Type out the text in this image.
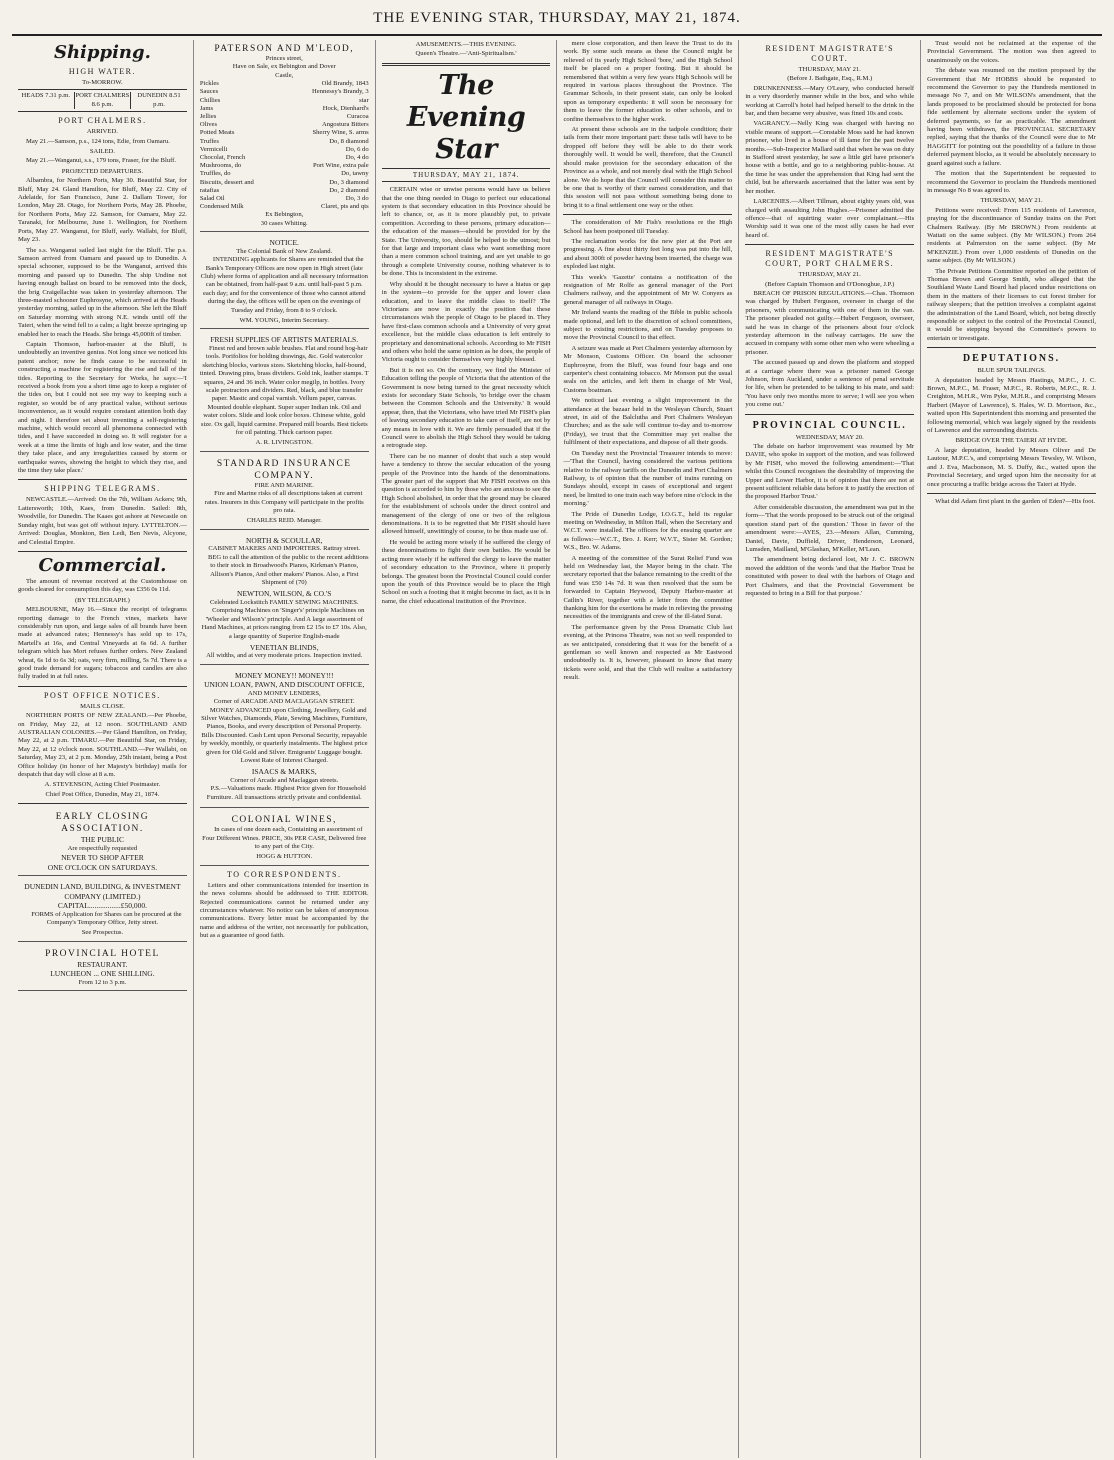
THE EVENING STAR, THURSDAY, MAY 21, 1874.
Shipping.
HIGH WATER.
To-MORROW.
HEADS 7.31 p.m. PORT CHALMERS 8.6 p.m.
DUNEDIN 8.51 p.m.
PORT CHALMERS.
ARRIVED.

May 21.—Samson, p.s., 124 tons, Edie, from Oamaru.

SAILED.

May 21.—Wanganui, s.s., 179 tons, Fraser, for the Bluff.

PROJECTED DEPARTURES.

Albambra, for Northern Ports, May 30. Beautiful Star, for Bluff, May 24. Gland Hamilton, for Bluff, May 22. City of Adelaide, for San Francisco, June 2. Dallam Tower, for London, May 28. Otago, for Northern Ports, May 28. Phoebe, for Northern Ports, May 22. Samson, for Oamaru, May 22. Taranaki, for Melbourne, June 1. Wellington, for Northern Ports, May 27. Wanganui, for Bluff, early. Wallabi, for Bluff, May 23.

The s.s. Wanganui sailed last night for the Bluff. The p.s. Samson arrived from Oamaru and passed up to Dunedin. A special schooner, supposed to be the Wanganui, arrived this morning and passed up to Dunedin. The ship Undine not having enough ballast on board to be removed into the dock, the brig Craigellachie was taken in yesterday afternoon. The three-masted schooner Euphrosyne, which arrived at the Heads yesterday morning, sailed up in the afternoon. She left the Bluff on Saturday morning with strong N.E. winds until off the Taieri, when the wind fell to a calm; a light breeze springing up enabled her to reach the Heads. She brings 45,000ft of timber.

Captain Thomson, harbor-master at the Bluff, is undoubtedly an inventive genius. Not long since we noticed his patent anchor; now he finds cause to be successful in constructing a machine for registering the rise and fall of the tides. Reporting to the Secretary for Works, he says:—'I received a book from you a short time ago to keep a register of the tides on, but I could not see my way to keeping such a register, so would be of any practical value, without serious inconvenience, as it would require constant attention both day and night. I therefore set about inventing a self-registering machine, which would record all phenomena connected with tides, and I have succeeded in doing so. It will register for a week at a time the limits of high and low water, and the time they take place, and any irregularities caused by storm or earthquake waves, showing the height to which they rise, and the time they take place.'

SHIPPING TELEGRAMS.

NEWCASTLE.—Arrived: On the 7th, William Ackers; 9th, Lattersworth; 10th, Kaes, from Dunedin. Sailed: 8th, Woodville, for Dunedin. The Kaaes got ashore at Newcastle on Sunday night, but was got off without injury. LYTTELTON.—Arrived: Douglas, Monkton, Ben Ledi, Ben Nevis, Alcyone, and Celestial Empire.

Commercial.

The amount of revenue received at the Customhouse on goods cleared for consumption this day, was £356 0s 11d.

(BY TELEGRAPH.)

MELBOURNE, May 16.—Since the receipt of telegrams reporting damage to the French vines, markets have considerably run upon, and large sales of all brands have been made at advanced rates; Hennessy's has sold up to 17s, Martell's at 16s, and Central Vineyards at 6s 6d. A further telegram which has Mort refuses further orders. New Zealand wheat, 6s 1d to 6s 3d; oats, very firm, milling, 5s 7d. There is a good trade demand for sugars; tobaccos and candles are also fully traded in at full rates.

POST OFFICE NOTICES.
MAILS CLOSE.

NORTHERN PORTS OF NEW ZEALAND.—Per Phoebe, on Friday, May 22, at 12 noon. SOUTHLAND AND AUSTRALIAN COLONIES.—Per Gland Hamilton, on Friday, May 22, at 2 p.m. TIMARU.—Per Beautiful Star, on Friday, May 22, at 12 o'clock noon. SOUTHLAND.—Per Wallabi, on Saturday, May 23, at 2 p.m. Monday, 25th instant, being a Post Office holiday (in honor of her Majesty's birthday) mails for despatch that day will close at 8 a.m.

A. STEVENSON, Acting Chief Postmaster.
Chief Post Office, Dunedin, May 21, 1874.
EARLY CLOSING ASSOCIATION.
THE PUBLIC
Are respectfully requested
NEVER TO SHOP AFTER
ONE O'CLOCK ON SATURDAYS.
DUNEDIN LAND, BUILDING, & INVESTMENT COMPANY (LIMITED.)
CAPITAL.................£50,000.

FORMS of Application for Shares can be procured at the Company's Temporary Office, Jetty street.

See Prospectus.
PROVINCIAL HOTEL
RESTAURANT.
LUNCHEON ... ONE SHILLING.
From 12 to 3 p.m.
PATERSON AND M'LEOD,
Princes street,
Have on Sale, ex Bebington and Dover
Castle,
Pickles	Old Brandy, 1843
Sauces	Hennessy's Brandy, 3
Chillies	star
Jams	Hock, Dienhard's
Jellies	Curacoa
Olives	Angostura Bitters
Potted Meats	Sherry Wine, S. arms
Truffes	Do, 8 diamond
Vermicelli	Do, 6 do
Chocolat, French	Do, 4 do
Mushrooms, do	Port Wine, extra pale
Truffles, do	Do, tawny
Biscuits, dessert and	Do, 3 diamond
ratafias	Do, 2 diamond
Salad Oil	Do, 3 do
Condensed Milk	Claret, pts and qts
Ex Bebington,
30 cases Whiting.
NOTICE.
The Colonial Bank of New Zealand.

INTENDING applicants for Shares are reminded that the Bank's Temporary Offices are now open in High street (late Club) where forms of application and all necessary information can be obtained, from half-past 9 a.m. until half-past 5 p.m. each day; and for the convenience of those who cannot attend during the day, the offices will be open on the evenings of Tuesday and Friday, from 8 to 9 o'clock.

WM. YOUNG, Interim Secretary.
FRESH SUPPLIES OF ARTISTS MATERIALS.

Finest red and brown sable brushes. Flat and round hog-hair tools. Porifolios for holding drawings, &c. Gold watercolor sketching blocks, various sizes. Sketching blocks, half-bound, tinted. Drawing pins, brass dividers. Gold ink, leather stamps. T squares, 24 and 36 inch. Water color megilp, in bottles. Ivory scale protractors and dividers. Red, black, and blue transfer paper. Mastic and copal varnish. Vellum paper, canvas. Mounted double elephant. Super super Indian ink. Oil and water colors. Slide and look color boxes. Chinese white, gold size. Ox gall, liquid carmine. Prepared mill boards. Best tickets for oil painting. Thick cartoon paper.

A. R. LIVINGSTON.
STANDARD INSURANCE COMPANY.
FIRE AND MARINE.

Fire and Marine risks of all descriptions taken at current rates. Insurers in this Company will participate in the profits pro rata.

CHARLES REID. Manager.
NORTH & SCOULLAR,
CABINET MAKERS AND IMPORTERS. Rattray street.

BEG to call the attention of the public to the recent additions to their stock in Broadwood's Pianos, Kirkman's Pianos, Allison's Pianos, And other makers' Pianos. Also, a First Shipment of (70)

NEWTON, WILSON, & CO.'S
Celebrated Lockstitch FAMILY SEWING MACHINES.

Comprising Machines on 'Singer's' principle Machines on 'Wheeler and Wilson's' principle. And A large assortment of Hand Machines, at prices ranging from £2 15s to £7 10s. Also, a large quantity of Superior English-made

VENETIAN BLINDS,
All widths, and at very moderate prices. Inspection invited.
MONEY MONEY!! MONEY!!!
UNION LOAN, PAWN, AND DISCOUNT OFFICE,
AND MONEY LENDERS,
Corner of ARCADE AND MACLAGGAN STREET.

MONEY ADVANCED upon Clothing, Jewellery, Gold and Silver Watches, Diamonds, Plate, Sewing Machines, Furniture, Pianos, Books, and every description of Personal Property. Bills Discounted. Cash Lent upon Personal Security, repayable by weekly, monthly, or quarterly instalments. The highest price given for Old Gold and Silver. Emigrants' Luggage bought. Lowest Rate of Interest Charged.

ISAACS & MARKS,
Corner of Arcade and Maclaggan streets.

P.S.—Valuations made. Highest Price given for Household Furniture. All transactions strictly private and confidential.

COLONIAL WINES,

In cases of one dozen each, Containing an assortment of Four Different Wines. PRICE, 30s PER CASE, Delivered free to any part of the City.

HOGG & HUTTON.
TO CORRESPONDENTS.

Letters and other communications intended for insertion in the news columns should be addressed to THE EDITOR. Rejected communications cannot be returned under any circumstances whatever. No notice can be taken of anonymous communications. Every letter must be accompanied by the name and address of the writer, not necessarily for publication, but as a guarantee of good faith.

AMUSEMENTS.—THIS EVENING.
Queen's Theatre.—'Anti-Spiritualism.'
The Evening Star
THURSDAY, MAY 21, 1874.

CERTAIN wise or unwise persons would have us believe that the one thing needed in Otago to perfect our educational system is that secondary education in this Province should be left to chance, or, as it is more plausibly put, to private competition. According to these persons, primary education—the education of the masses—should be provided for by the State. The University, too, should be helped to the utmost; but for that large and important class who want something more than a mere common school training, and are yet unable to go through a complete University course, nothing whatever is to be done. This is inconsistent in the extreme.

Why should it be thought necessary to have a hiatus or gap in the system—to provide for the upper and lower class education, and to leave the middle class to itself? The Victorians are now in exactly the position that these circumstances wish the people of Otago to be placed in. They have first-class common schools and a University of very great excellence, but the middle class education is left entirely to proprietary and denominational schools. According to Mr FISH and others who hold the same opinion as he does, the people of Victoria ought to consider themselves very highly blessed.

But it is not so. On the contrary, we find the Minister of Education telling the people of Victoria that the attention of the Government is now being turned to the great necessity which exists for secondary State Schools, 'to bridge over the chasm between the Common Schools and the University.' It would appear, then, that the Victorians, who have tried Mr FISH's plan of leaving secondary education to take care of itself, are not by any means in love with it. We are firmly persuaded that if the Council were to abolish the High School they would be taking a retrograde step.

There can be no manner of doubt that such a step would have a tendency to throw the secular education of the young people of the Province into the hands of the denominations. The greater part of the support that Mr FISH receives on this question is accorded to him by those who are anxious to see the High School abolished, in order that the ground may be cleared for the establishment of schools under the direct control and management of the clergy of one or two of the religious denominations. It is to be regretted that Mr FISH should have allowed himself, unwittingly of course, to be thus made use of.

He would be acting more wisely if he suffered the clergy of these denominations to fight their own battles. He would be acting more wisely if he suffered the clergy to leave the matter of secondary education to the Province, where it properly belongs. The greatest boon the Provincial Council could confer upon the youth of this Province would be to place the High School on such a footing that it might become in fact, as it is in name, the chief educational institution of the Province.

mere close corporation, and then leave the Trust to do its work. By some such means as these the Council might be relieved of its yearly High School 'bore,' and the High School itself be placed on a proper footing. But it should be remembered that within a very few years High Schools will be required in various places throughout the Province. The Grammar Schools, in their present state, can only be looked upon as temporary expedients: it will soon be necessary for them to leave the former education to other schools, and to confine themselves to the higher work.

At present these schools are in the tadpole condition; their tails form their more important part: these tails will have to be dropped off before they will be able to do their work thoroughly well. It would be well, therefore, that the Council should make provision for the secondary education of the Province as a whole, and not merely deal with the High School alone. We do hope that the Council will consider this matter to be one that is worthy of their earnest consideration, and that this session will not pass without something being done to bring it to a final settlement one way or the other.

The consideration of Mr Fish's resolutions re the High School has been postponed till Tuesday.

The reclamation works for the new pier at the Port are progressing. A fine about thirty feet long was put into the hill, and about 300ft of powder having been inserted, the charge was exploded last night.

This week's 'Gazette' contains a notification of the resignation of Mr Rolfe as general manager of the Port Chalmers railway, and the appointment of Mr W. Conyers as general manager of all railways in Otago.

Mr Ireland wants the reading of the Bible in public schools made optional, and left to the discretion of school committees, subject to existing restrictions, and on Tuesday proposes to move the Provincial Council to that effect.

A seizure was made at Port Chalmers yesterday afternoon by Mr Monson, Customs Officer. On board the schooner Euphrosyne, from the Bluff, was found four bags and one carpenter's chest containing tobacco. Mr Monson put the usual seals on the articles, and left them in charge of Mr Veal, Customs boatman.

We noticed last evening a slight improvement in the attendance at the bazaar held in the Wesleyan Church, Stuart street, in aid of the Balclutha and Port Chalmers Wesleyan Churches; and as the sale will continue to-day and to-morrow (Friday), we trust that the Committee may yet realise the fulfilment of their expectations, and dispose of all their goods.

On Tuesday next the Provincial Treasurer intends to move:—'That the Council, having considered the various petitions relative to the railway tariffs on the Dunedin and Port Chalmers Railway, is of opinion that the number of trains running on Sundays should, except in cases of exceptional and urgent need, be limited to one train each way before nine o'clock in the morning.'

The Pride of Dunedin Lodge, I.O.G.T., held its regular meeting on Wednesday, in Milton Hall, when the Secretary and W.C.T. were installed. The officers for the ensuing quarter are as follows:—W.C.T., Bro. J. Kerr; W.V.T., Sister M. Gordon; W.S., Bro. W. Adams.

A meeting of the committee of the Surat Relief Fund was held on Wednesday last, the Mayor being in the chair. The secretary reported that the balance remaining to the credit of the fund was £50 14s 7d. It was then resolved that the sum be forwarded to Captain Heywood, Deputy Harbor-master at Catlin's River, together with a letter from the committee thanking him for the exertions he made in relieving the pressing necessities of the immigrants and crew of the ill-fated Surat.

The performance given by the Press Dramatic Club last evening, at the Princess Theatre, was not so well responded to as we anticipated, considering that it was for the benefit of a gentleman so well known and respected as Mr Eastwood undoubtedly is. It is, however, pleasant to know that many tickets were sold, and that the Club will realise a satisfactory result.

RESIDENT MAGISTRATE'S COURT.
THURSDAY, MAY 21.
(Before J. Bathgate, Esq., R.M.)

DRUNKENNESS.—Mary O'Leary, who conducted herself in a very disorderly manner while in the box, and who while working at Carroll's hotel had helped herself to the drink in the bar, and then became very abusive, was fined 10s and costs.

VAGRANCY.—Nelly King was charged with having no visible means of support.—Constable Moss said he had known prisoner, who lived in a house of ill fame for the past twelve months.—Sub-Inspector Mallard said that when he was on duty in Stafford street yesterday, he saw a little girl have prisoner's house with a bottle, and go to a neighboring public-house. At the time he was under the apprehension that King had sent the child, but he afterwards ascertained that the latter was sent by her mother.

LARCENIES.—Albert Tillman, about eighty years old, was charged with assaulting John Hughes.—Prisoner admitted the offence—that of squirting water over complainant.—His Worship said it was one of the most silly cases he had ever heard of.

RESIDENT MAGISTRATE'S COURT, PORT CHALMERS.
THURSDAY, MAY 21.
(Before Captain Thomson and O'Donoghue, J.P.)

BREACH OF PRISON REGULATIONS.—Chas. Thomson was charged by Hubert Ferguson, overseer in charge of the prisoners, with communicating with one of them in the van. The prisoner pleaded not guilty.—Hubert Ferguson, overseer, said he was in charge of the prisoners about four o'clock yesterday afternoon in the railway carriages. He saw the accused in company with some other men who were wheeling a prisoner.

The accused passed up and down the platform and stopped at a carriage where there was a prisoner named George Johnson, from Auckland, under a sentence of penal servitude for life, when he pretended to be talking to his mate, and said: 'You have only two months more to serve; I will see you when you come out.'

PROVINCIAL COUNCIL.
WEDNESDAY, MAY 20.

The debate on harbor improvement was resumed by Mr DAVIE, who spoke in support of the motion, and was followed by Mr FISH, who moved the following amendment:—'That whilst this Council recognises the desirability of improving the Upper and Lower Harbor, it is of opinion that there are not at present sufficient reliable data before it to justify the erection of the proposed Harbor Trust.'

After considerable discussion, the amendment was put in the form—'That the words proposed to be struck out of the original question stand part of the question.' Those in favor of the amendment were:—AYES, 23.—Messrs Allan, Cumming, Daniel, Davie, Duffield, Driver, Henderson, Leonard, Lumsden, Mailland, M'Glashan, M'Keller, M'Lean.

The amendment being declared lost, Mr J. C. BROWN moved the addition of the words 'and that the Harbor Trust be constituted with power to deal with the harbors of Otago and Port Chalmers, and that the Provincial Government be requested to bring in a Bill for that purpose.'

Trust would not be reclaimed at the expense of the Provincial Government. The motion was then agreed to unanimously on the voices.

The debate was resumed on the motion proposed by the Government that Mr HOBBS should be requested to recommend the Governor to pay the Hundreds mentioned in message No 7, and on Mr WILSON's amendment, that the lands proposed to be proclaimed should be protected for bona fide settlement by alternate sections under the system of deferred payments, so far as practicable. The amendment having been withdrawn, the PROVINCIAL SECRETARY replied, saying that the thanks of the Council were due to Mr HAGGITT for pointing out the possibility of a failure in those deferred payment blocks, as it would be absolutely necessary to guard against such a failure.

The motion that the Superintendent be requested to recommend the Governor to proclaim the Hundreds mentioned in message No 8 was agreed to.

THURSDAY, MAY 21.

Petitions were received: From 115 residents of Lawrence, praying for the discontinuance of Sunday trains on the Port Chalmers Railway. (By Mr BROWN.) From residents at Waitati on the same subject. (By Mr WILSON.) From 264 residents at Palmerston on the same subject. (By Mr M'KENZIE.) From over 1,000 residents of Dunedin on the same subject. (By Mr WILSON.)

The Private Petitions Committee reported on the petition of Thomas Brown and George Smith, who alleged that the Southland Waste Land Board had placed undue restrictions on them in the matters of their licenses to cut forest timber for railway sleepers; that the petition involves a complaint against the administration of the Land Board, which, not being directly responsible or subject to the control of the Provincial Council, it would be stepping beyond the Committee's powers to entertain or investigate.

DEPUTATIONS.
BLUE SPUR TAILINGS.

A deputation headed by Messrs Hastings, M.P.C., J. C. Brown, M.P.C., M. Fraser, M.P.C., R. Roberts, M.P.C., R. J. Creighton, M.H.R., Wm Pyke, M.H.R., and comprising Messrs Harbert (Mayor of Lawrence), S. Hales, W. D. Morrison, &c., waited upon His Superintendent this morning and presented the following memorial, which was largely signed by the residents of Lawrence and the surrounding districts.

BRIDGE OVER THE TAIERI AT HYDE.

A large deputation, headed by Messrs Oliver and De Lautour, M.P.C.'s, and comprising Messrs Tewsley, W. Wilson, and J. Eva, Macbonson, M. S. Duffy, &c., waited upon the Provincial Secretary, and urged upon him the necessity for at once procuring a traffic bridge across the Taieri at Hyde.

What did Adam first plant in the garden of Eden?—His foot.
